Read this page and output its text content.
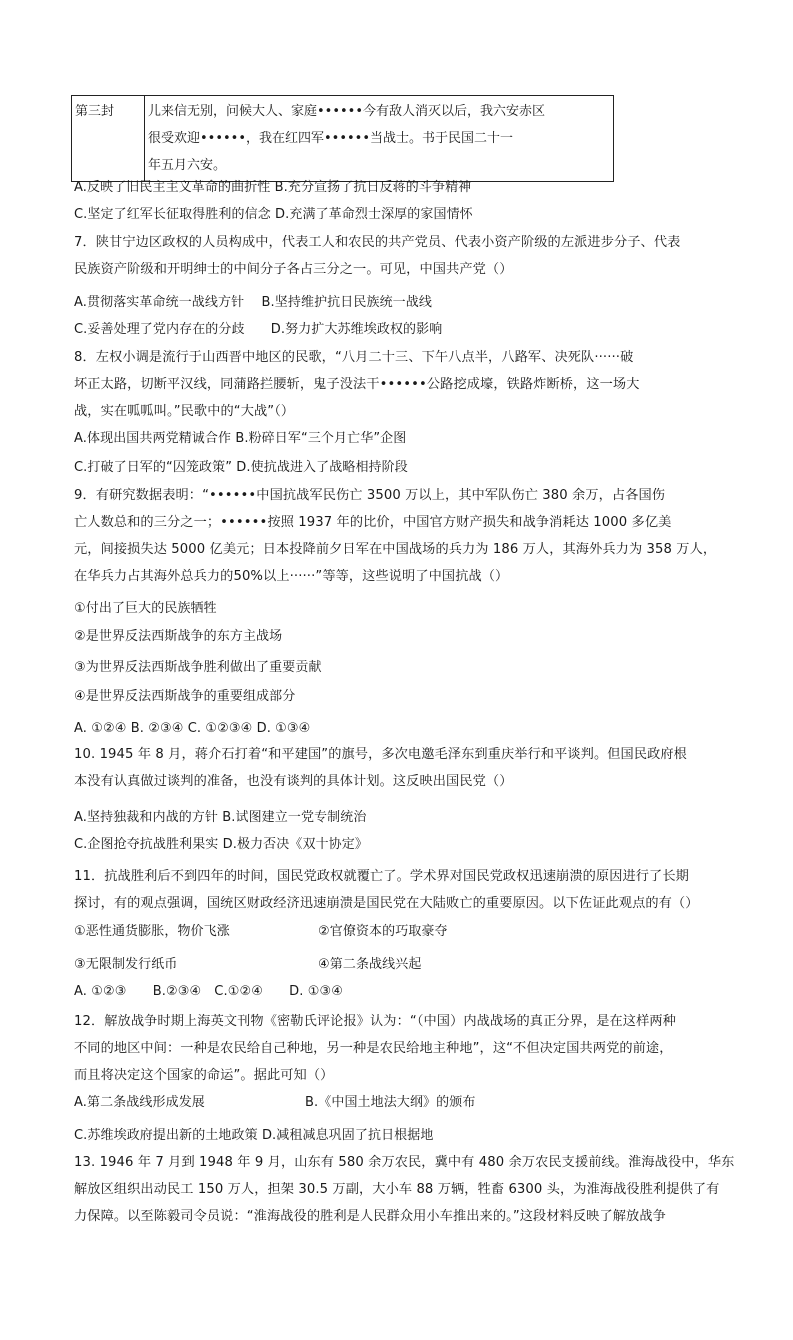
第三封	儿来信无别，问候大人、家庭••••••今有敌人消灭以后，我六安赤区
很受欢迎••••••，我在红四军••••••当战士。书于民国二十一
年五月六安。
A.反映了旧民主主义革命的曲折性 B.充分宣扬了抗日反蒋的斗争精神
C.坚定了红军长征取得胜利的信念 D.充满了革命烈士深厚的家国情怀
7．陕甘宁边区政权的人员构成中，代表工人和农民的共产党员、代表小资产阶级的左派进步分子、代表
民族资产阶级和开明绅士的中间分子各占三分之一。可见，中国共产党（）
A.贯彻落实革命统一战线方针　 B.坚持维护抗日民族统一战线
C.妥善处理了党内存在的分歧　　D.努力扩大苏维埃政权的影响
8．左权小调是流行于山西晋中地区的民歌，“八月二十三、下午八点半，八路军、决死队······破
坏正太路，切断平汉线，同蒲路拦腰斩，鬼子没法干••••••公路挖成壕，铁路炸断桥，这一场大
战，实在呱呱叫。”民歌中的“大战”（）
A.体现出国共两党精诚合作 B.粉碎日军“三个月亡华”企图
C.打破了日军的“囚笼政策” D.使抗战进入了战略相持阶段
9．有研究数据表明：“••••••中国抗战军民伤亡 3500 万以上，其中军队伤亡 380 余万，占各国伤
亡人数总和的三分之一；••••••按照 1937 年的比价，中国官方财产损失和战争消耗达 1000 多亿美
元，间接损失达 5000 亿美元；日本投降前夕日军在中国战场的兵力为 186 万人，其海外兵力为 358 万人，
在华兵力占其海外总兵力的50%以上······”等等，这些说明了中国抗战（）
①付出了巨大的民族牺牲
②是世界反法西斯战争的东方主战场
③为世界反法西斯战争胜利做出了重要贡献
④是世界反法西斯战争的重要组成部分
A. ①②④ B. ②③④ C. ①②③④ D. ①③④
10. 1945 年 8 月，蒋介石打着“和平建国”的旗号，多次电邀毛泽东到重庆举行和平谈判。但国民政府根
本没有认真做过谈判的准备，也没有谈判的具体计划。这反映出国民党（）
A.坚持独裁和内战的方针 B.试图建立一党专制统治
C.企图抢夺抗战胜利果实 D.极力否决《双十协定》
11．抗战胜利后不到四年的时间，国民党政权就覆亡了。学术界对国民党政权迅速崩溃的原因进行了长期
探讨，有的观点强调，国统区财政经济迅速崩溃是国民党在大陆败亡的重要原因。以下佐证此观点的有（）
①恶性通货膨胀，物价飞涨	②官僚资本的巧取豪夺
③无限制发行纸币	④第二条战线兴起
A. ①②③　　B.②③④　C.①②④　　D. ①③④
12．解放战争时期上海英文刊物《密勒氏评论报》认为：“（中国）内战战场的真正分界，是在这样两种
不同的地区中间：一种是农民给自己种地，另一种是农民给地主种地”，这“不但决定国共两党的前途，
而且将决定这个国家的命运”。据此可知（）
A.第二条战线形成发展	B.《中国土地法大纲》的颁布
C.苏维埃政府提出新的土地政策 D.减租减息巩固了抗日根据地
13. 1946 年 7 月到 1948 年 9 月，山东有 580 余万农民，冀中有 480 余万农民支援前线。淮海战役中，华东
解放区组织出动民工 150 万人，担架 30.5 万副，大小车 88 万辆，牲畜 6300 头，为淮海战役胜利提供了有
力保障。以至陈毅司令员说：“淮海战役的胜利是人民群众用小车推出来的。”这段材料反映了解放战争
